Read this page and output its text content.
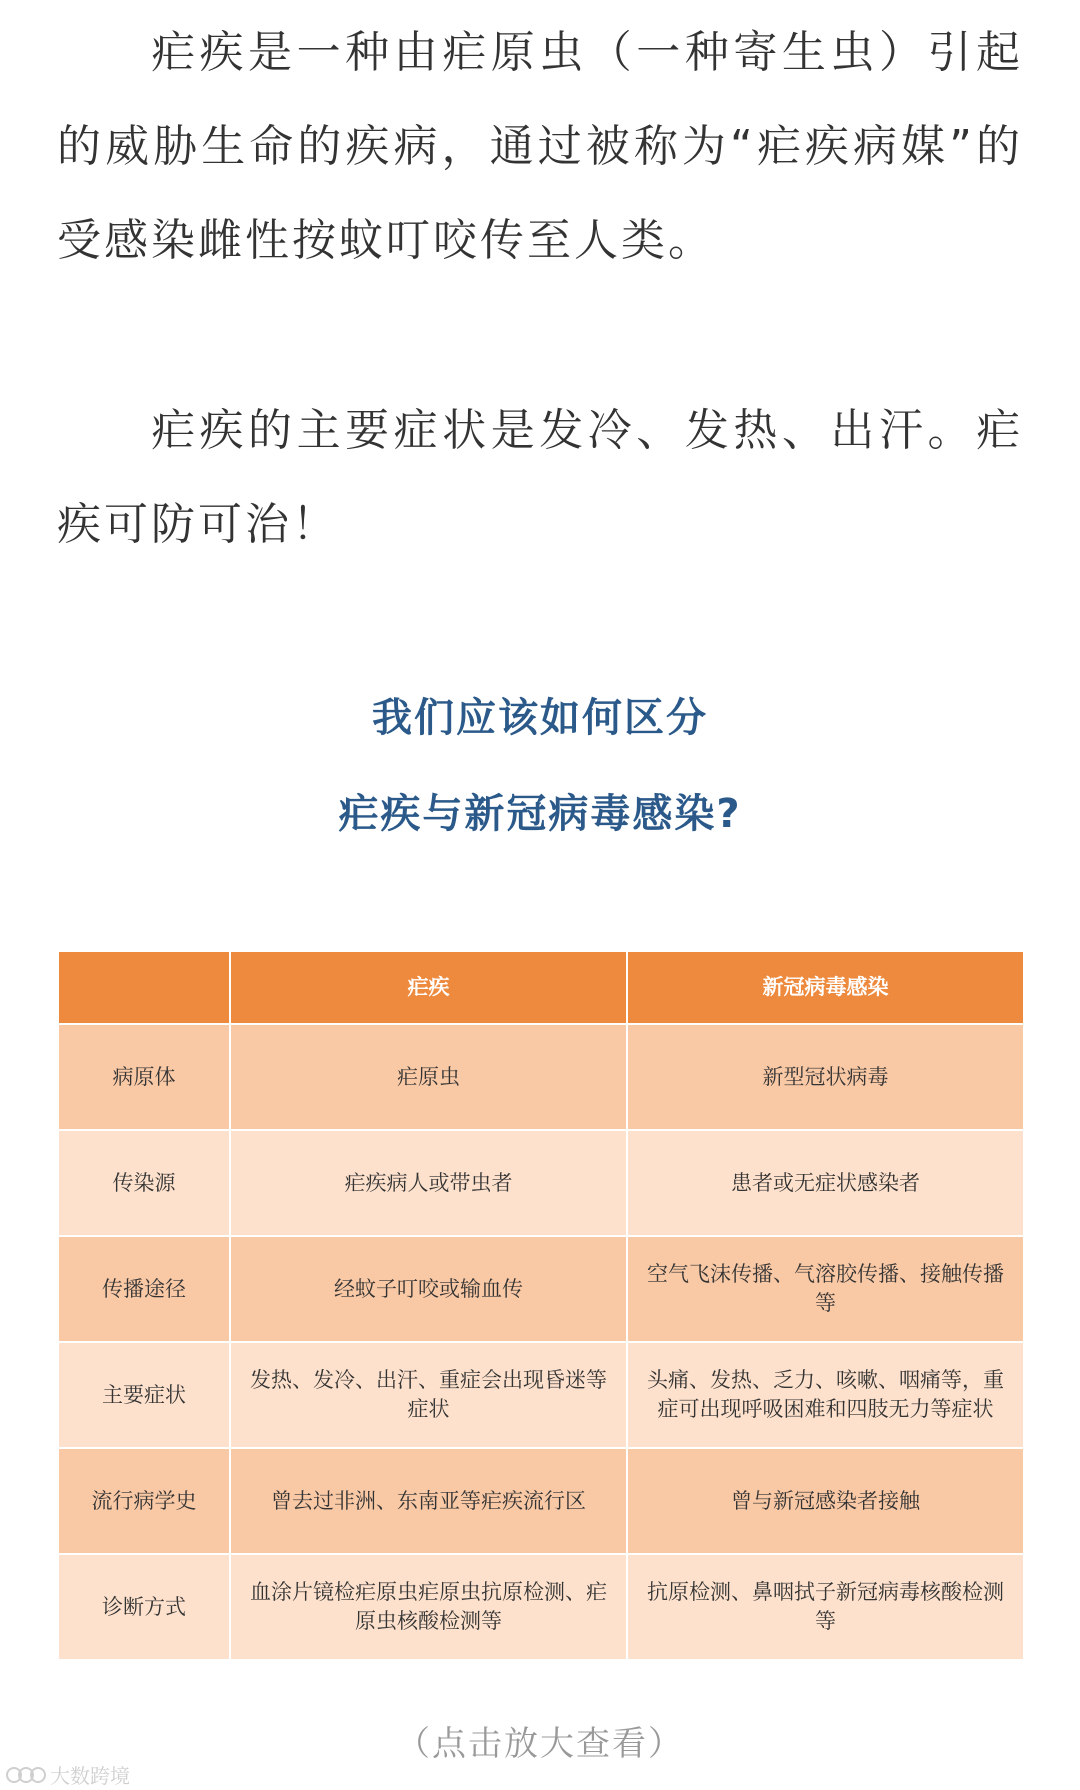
疟疾是一种由疟原虫（一种寄生虫）引起的威胁生命的疾病，通过被称为“疟疾病媒”的受感染雌性按蚊叮咬传至人类。

疟疾的主要症状是发冷、发热、出汗。疟疾可防可治！

我们应该如何区分
疟疾与新冠病毒感染?
	疟疾	新冠病毒感染
病原体	疟原虫	新型冠状病毒
传染源	疟疾病人或带虫者	患者或无症状感染者
传播途径	经蚊子叮咬或输血传	空气飞沫传播、气溶胶传播、接触传播等
主要症状	发热、发冷、出汗、重症会出现昏迷等症状	头痛、发热、乏力、咳嗽、咽痛等，重症可出现呼吸困难和四肢无力等症状
流行病学史	曾去过非洲、东南亚等疟疾流行区	曾与新冠感染者接触
诊断方式	血涂片镜检疟原虫疟原虫抗原检测、疟原虫核酸检测等	抗原检测、鼻咽拭子新冠病毒核酸检测等
（点击放大查看）
大数跨境
